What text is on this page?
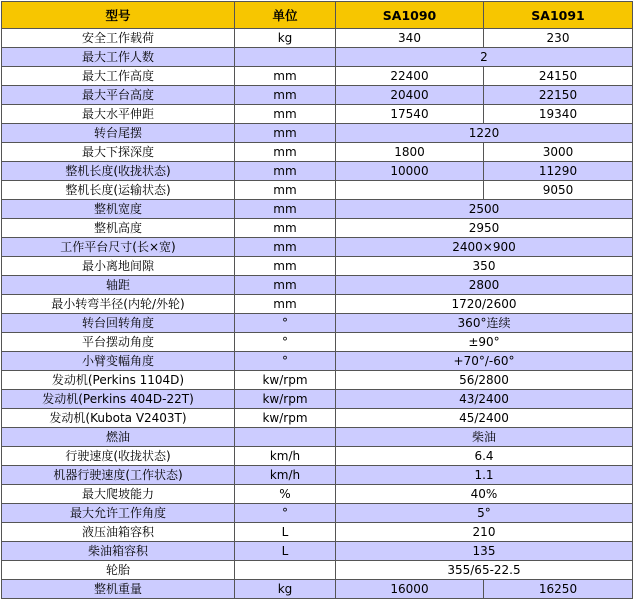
型号	单位	SA1090	SA1091
安全工作载荷	kg	340	230
最大工作人数		2	
最大工作高度	mm	22400	24150
最大平台高度	mm	20400	22150
最大水平伸距	mm	17540	19340
转台尾摆	mm	1220	
最大下探深度	mm	1800	3000
整机长度(收拢状态)	mm	10000	11290
整机长度(运输状态)	mm		9050
整机宽度	mm	2500	
整机高度	mm	2950	
工作平台尺寸(长×宽)	mm	2400×900	
最小离地间隙	mm	350	
轴距	mm	2800	
最小转弯半径(内轮/外轮)	mm	1720/2600	
转台回转角度	°	360°连续	
平台摆动角度	°	±90°	
小臂变幅角度	°	+70°/-60°	
发动机(Perkins 1104D)	kw/rpm	56/2800	
发动机(Perkins 404D-22T)	kw/rpm	43/2400	
发动机(Kubota V2403T)	kw/rpm	45/2400	
燃油		柴油	
行驶速度(收拢状态)	km/h	6.4	
机器行驶速度(工作状态)	km/h	1.1	
最大爬坡能力	%	40%	
最大允许工作角度	°	5°	
液压油箱容积	L	210	
柴油箱容积	L	135	
轮胎		355/65-22.5	
整机重量	kg	16000	16250
